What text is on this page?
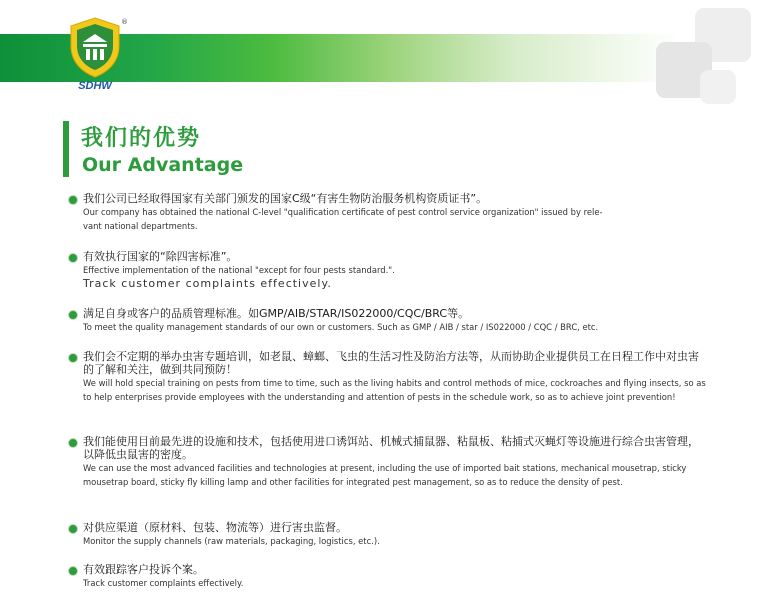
SDHW
®
我们的优势
Our Advantage
我们公司已经取得国家有关部门颁发的国家C级“有害生物防治服务机构资质证书”。
Our company has obtained the national C-level "qualification certificate of pest control service organization" issued by rele-
vant national departments.
有效执行国家的“除四害标准”。
Effective implementation of the national "except for four pests standard.".
Track customer complaints effectively.
满足自身或客户的品质管理标准。如GMP/AIB/STAR/IS022000/CQC/BRC等。
To meet the quality management standards of our own or customers. Such as GMP / AIB / star / IS022000 / CQC / BRC, etc.
我们会不定期的举办虫害专题培训，如老鼠、蟑螂、飞虫的生活习性及防治方法等，从而协助企业提供员工在日程工作中对虫害的了解和关注，做到共同预防！
We will hold special training on pests from time to time, such as the living habits and control methods of mice, cockroaches and flying insects, so as to help enterprises provide employees with the understanding and attention of pests in the schedule work, so as to achieve joint prevention!
我们能使用目前最先进的设施和技术，包括使用进口诱饵站、机械式捕鼠器、粘鼠板、粘捕式灭蝇灯等设施进行综合虫害管理，以降低虫鼠害的密度。
We can use the most advanced facilities and technologies at present, including the use of imported bait stations, mechanical mousetrap, sticky mousetrap board, sticky fly killing lamp and other facilities for integrated pest management, so as to reduce the density of pest.
对供应渠道（原材料、包装、物流等）进行害虫监督。
Monitor the supply channels (raw materials, packaging, logistics, etc.).
有效跟踪客户投诉个案。
Track customer complaints effectively.
